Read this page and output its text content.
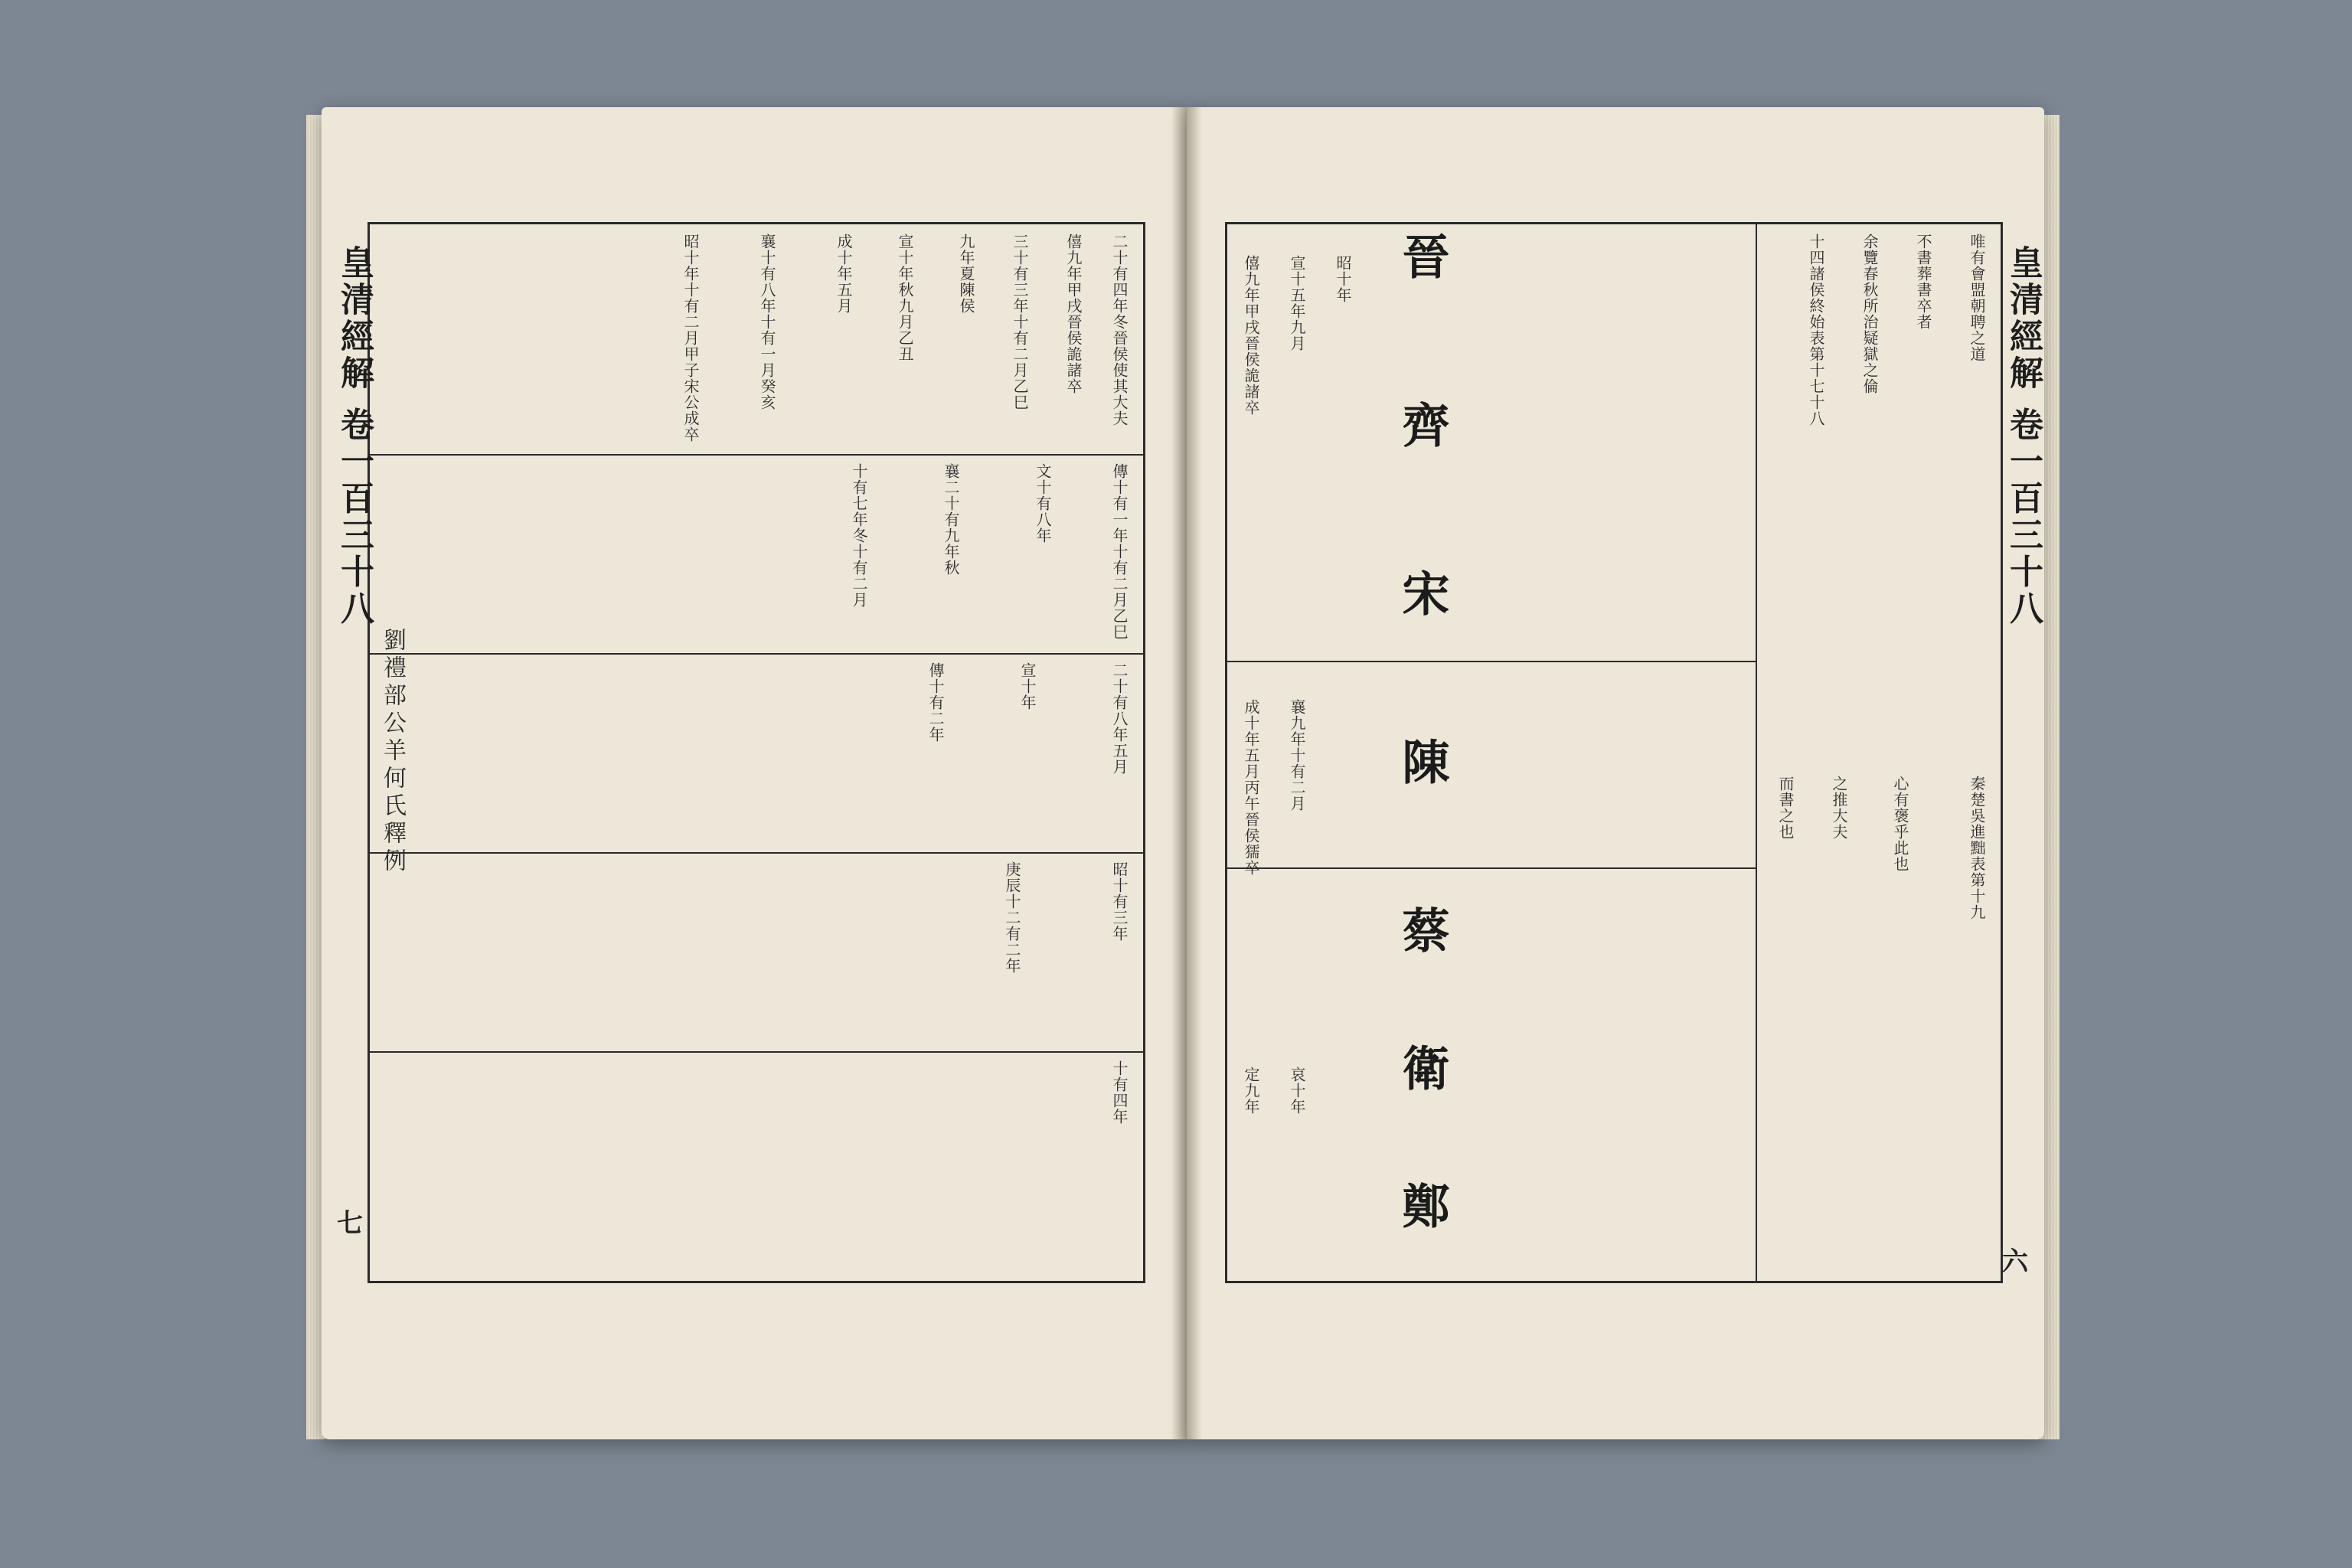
二十有四年冬晉侯使其大夫
僖九年甲戌晉侯詭諸卒
三十有三年十有二月乙巳
九年夏陳侯
宣十年秋九月乙丑
成十年五月
襄十有八年十有一月癸亥
昭十年十有二月甲子宋公成卒
傳十有一年十有二月乙巳
文十有八年
襄二十有九年秋
十有七年冬十有二月
二十有八年五月
宣十年
傳十有二年
昭十有三年
庚辰十二有二年
十有四年
皇清經解 卷一百三十八
劉禮部公羊何氏釋例
七
唯有會盟朝聘之道
不書葬書卒者
余覽春秋所治疑獄之倫
十四諸侯終始表第十七十八
秦楚吳進黜表第十九
心有褒乎此也
之推大夫
而書之也
僖九年甲戌晉侯詭諸卒 宣十五年九月 昭十年
成十年五月丙午晉侯獳卒 襄九年十有二月
定九年 哀十年
晉
齊
宋
陳
蔡
衛
鄭
皇清經解 卷一百三十八
六
